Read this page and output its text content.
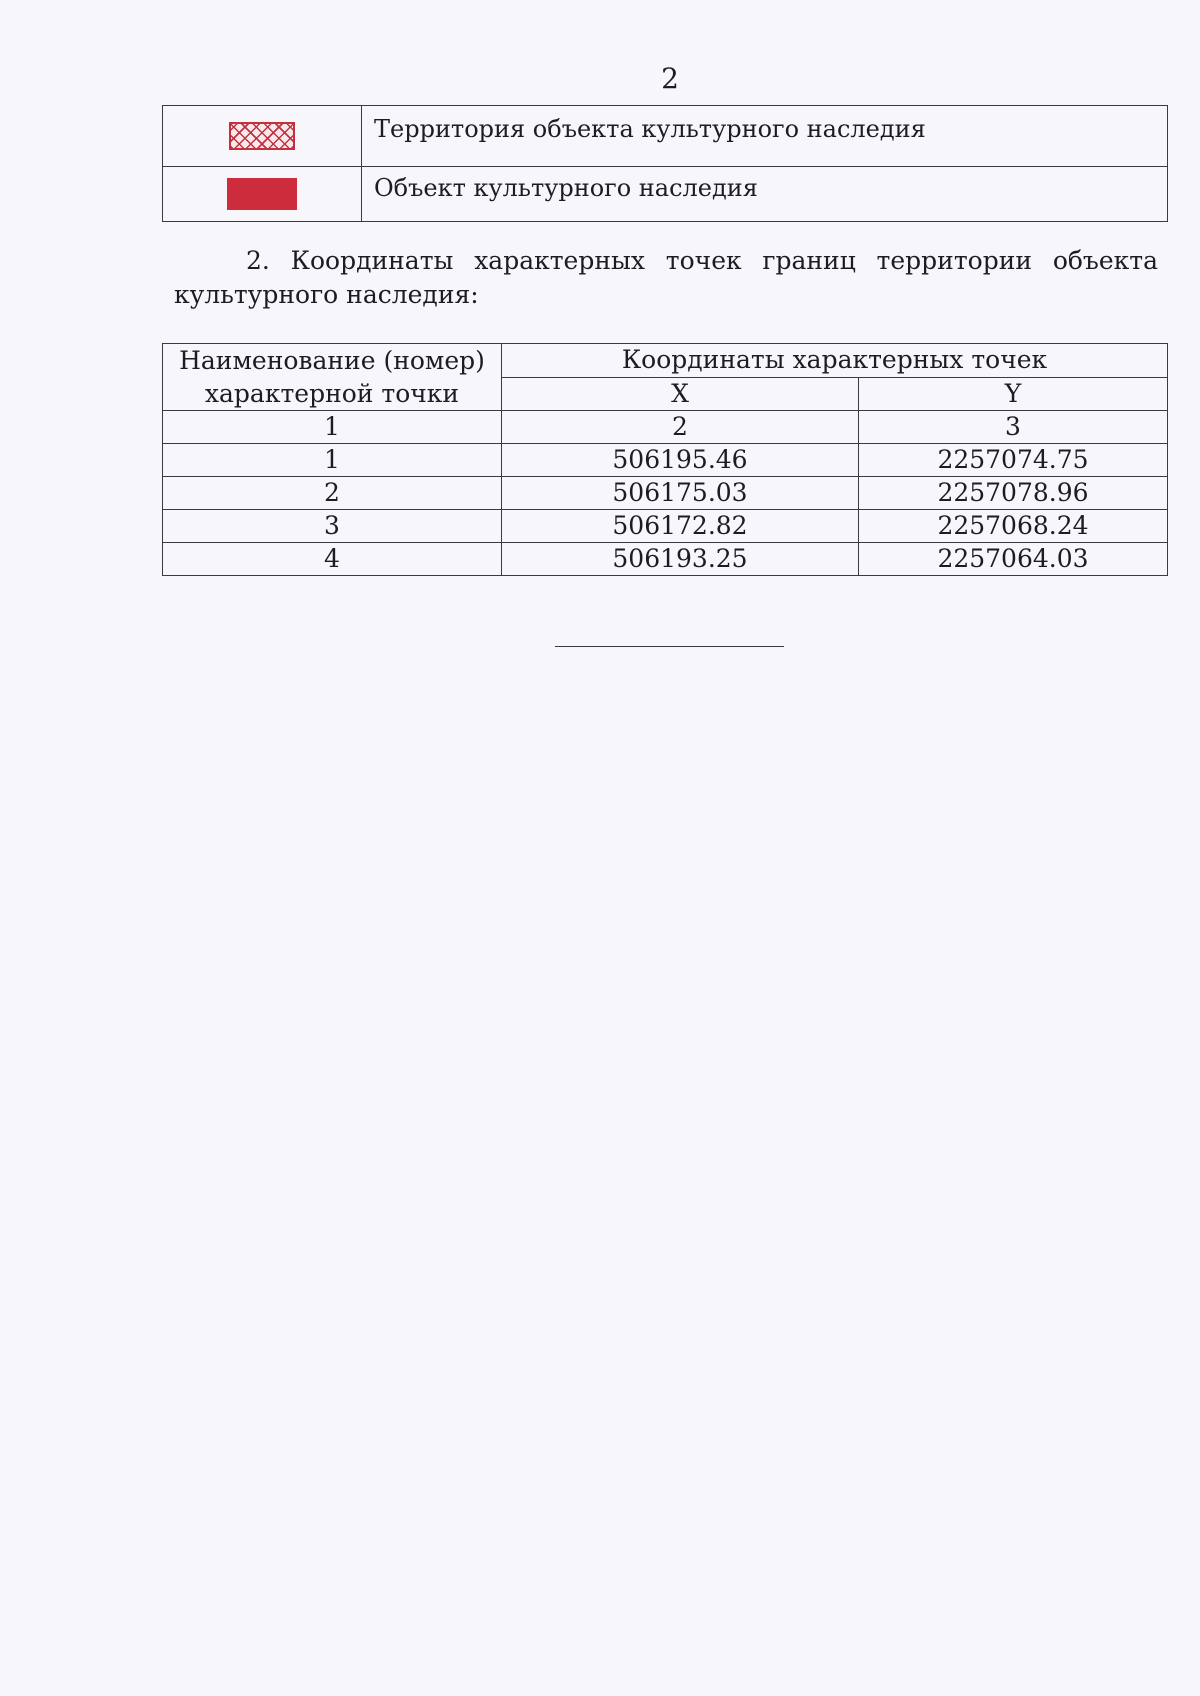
2
	Территория объекта культурного наследия
	Объект культурного наследия
2. Координаты характерных точек границ территории объекта
культурного наследия:
Наименование (номер) характерной точки	Координаты характерных точек	
	X	Y
1	2	3
1	506195.46	2257074.75
2	506175.03	2257078.96
3	506172.82	2257068.24
4	506193.25	2257064.03
